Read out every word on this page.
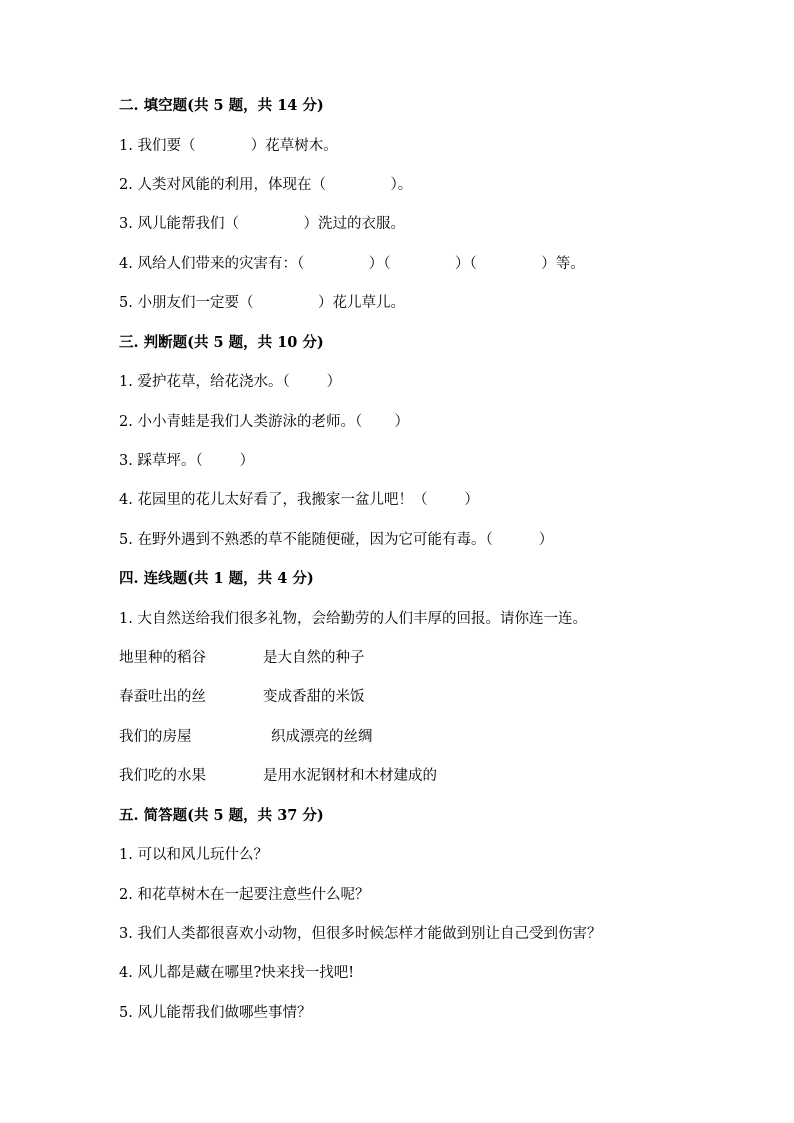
二. 填空题(共 5 题，共 14 分)
1. 我们要（            ）花草树木。
2. 人类对风能的利用，体现在（              ）。
3. 风儿能帮我们（              ）洗过的衣服。
4. 风给人们带来的灾害有：（              ）（              ）（              ）等。
5. 小朋友们一定要（              ）花儿草儿。
三. 判断题(共 5 题，共 10 分)
1. 爱护花草，给花浇水。（        ）
2. 小小青蛙是我们人类游泳的老师。（       ）
3. 踩草坪。（        ）
4. 花园里的花儿太好看了，我搬家一盆儿吧！（        ）
5. 在野外遇到不熟悉的草不能随便碰，因为它可能有毒。（          ）
四. 连线题(共 1 题，共 4 分)
1. 大自然送给我们很多礼物，会给勤劳的人们丰厚的回报。请你连一连。
地里种的稻谷	是大自然的种子
春蚕吐出的丝	变成香甜的米饭
我们的房屋	织成漂亮的丝绸
我们吃的水果	是用水泥钢材和木材建成的
五. 简答题(共 5 题，共 37 分)
1. 可以和风儿玩什么？
2. 和花草树木在一起要注意些什么呢？
3. 我们人类都很喜欢小动物，但很多时候怎样才能做到别让自己受到伤害？
4. 风儿都是藏在哪里?快来找一找吧!
5. 风儿能帮我们做哪些事情？
